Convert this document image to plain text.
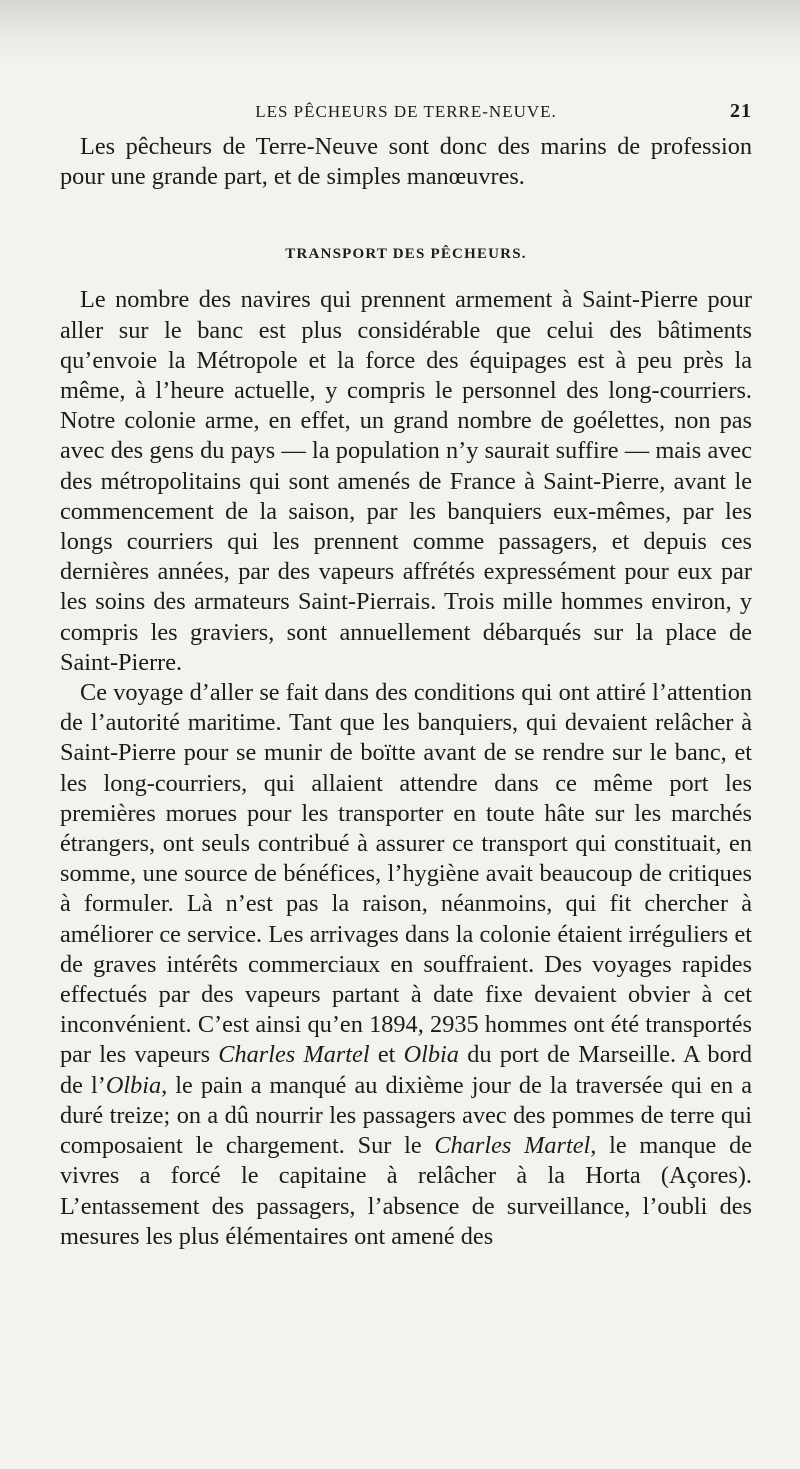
LES PÊCHEURS DE TERRE-NEUVE.	21

Les pêcheurs de Terre-Neuve sont donc des marins de profession pour une grande part, et de simples manœuvres.

TRANSPORT DES PÊCHEURS.

Le nombre des navires qui prennent armement à Saint-Pierre pour aller sur le banc est plus considérable que celui des bâtiments qu’envoie la Métropole et la force des équipages est à peu près la même, à l’heure actuelle, y compris le personnel des long-courriers. Notre colonie arme, en effet, un grand nombre de goélettes, non pas avec des gens du pays — la population n’y saurait suffire — mais avec des métropolitains qui sont amenés de France à Saint-Pierre, avant le commencement de la saison, par les banquiers eux-mêmes, par les longs courriers qui les prennent comme passagers, et depuis ces dernières années, par des vapeurs affrétés expressément pour eux par les soins des armateurs Saint-Pierrais. Trois mille hommes environ, y compris les graviers, sont annuellement débarqués sur la place de Saint-Pierre.

Ce voyage d’aller se fait dans des conditions qui ont attiré l’attention de l’autorité maritime. Tant que les banquiers, qui devaient relâcher à Saint-Pierre pour se munir de boïtte avant de se rendre sur le banc, et les long-courriers, qui allaient attendre dans ce même port les premières morues pour les transporter en toute hâte sur les marchés étrangers, ont seuls contribué à assurer ce transport qui constituait, en somme, une source de bénéfices, l’hygiène avait beaucoup de critiques à formuler. Là n’est pas la raison, néanmoins, qui fit chercher à améliorer ce service. Les arrivages dans la colonie étaient irréguliers et de graves intérêts commerciaux en souffraient. Des voyages rapides effectués par des vapeurs partant à date fixe devaient obvier à cet inconvénient. C’est ainsi qu’en 1894, 2935 hommes ont été transportés par les vapeurs Charles Martel et Olbia du port de Marseille. A bord de l’Olbia, le pain a manqué au dixième jour de la traversée qui en a duré treize; on a dû nourrir les passagers avec des pommes de terre qui composaient le chargement. Sur le Charles Martel, le manque de vivres a forcé le capitaine à relâcher à la Horta (Açores). L’entassement des passagers, l’absence de surveillance, l’oubli des mesures les plus élémentaires ont amené des
